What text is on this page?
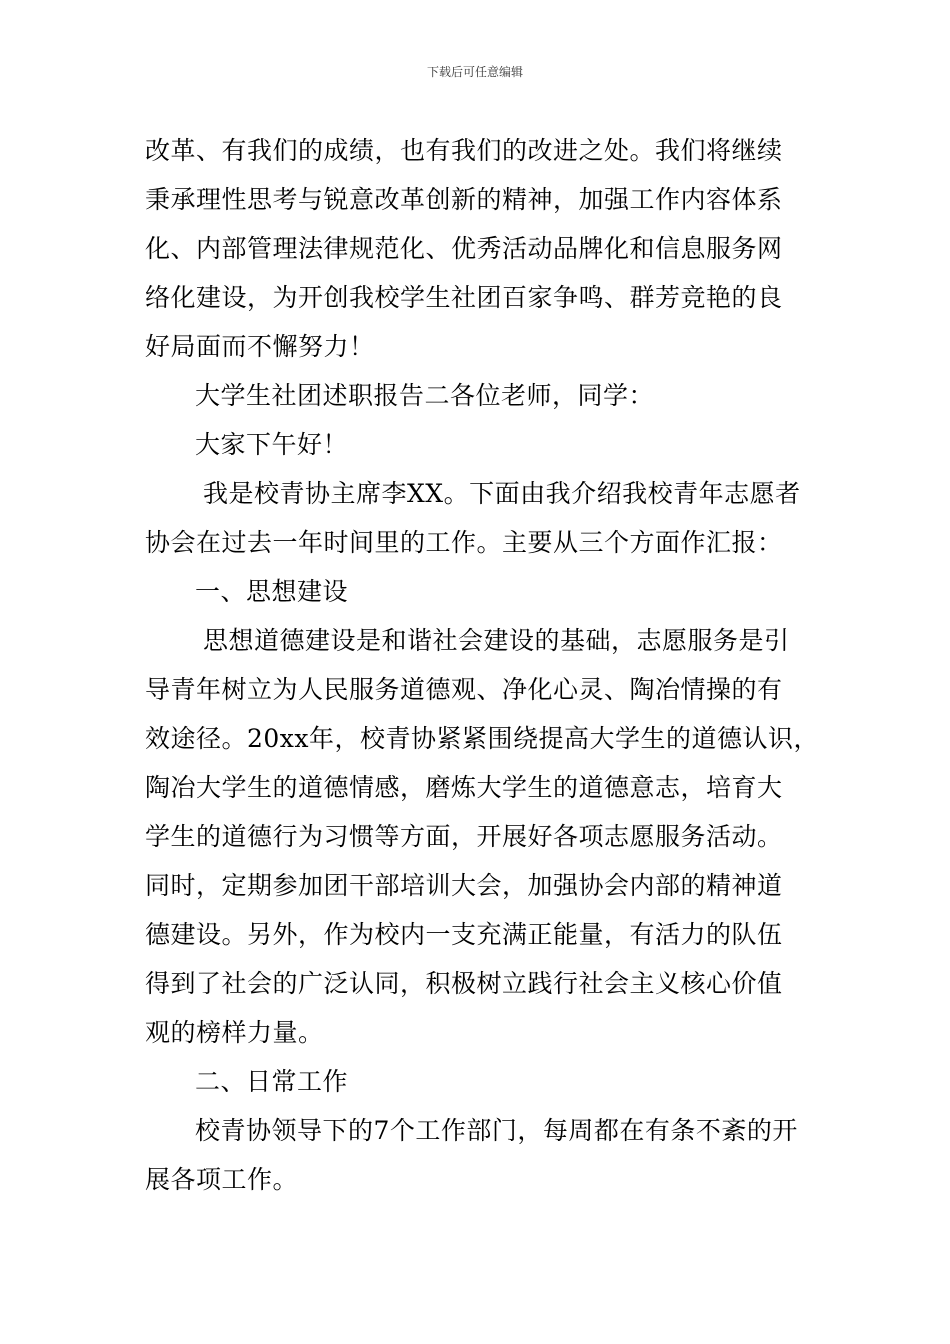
下载后可任意编辑
改革、有我们的成绩，也有我们的改进之处。我们将继续
秉承理性思考与锐意改革创新的精神，加强工作内容体系
化、内部管理法律规范化、优秀活动品牌化和信息服务网
络化建设，为开创我校学生社团百家争鸣、群芳竞艳的良
好局面而不懈努力！
大学生社团述职报告二各位老师，同学：
大家下午好！
我是校青协主席李XX。下面由我介绍我校青年志愿者
协会在过去一年时间里的工作。主要从三个方面作汇报：
一、思想建设
思想道德建设是和谐社会建设的基础，志愿服务是引
导青年树立为人民服务道德观、净化心灵、陶冶情操的有
效途径。20xx年，校青协紧紧围绕提高大学生的道德认识，
陶冶大学生的道德情感，磨炼大学生的道德意志，培育大
学生的道德行为习惯等方面，开展好各项志愿服务活动。
同时，定期参加团干部培训大会，加强协会内部的精神道
德建设。另外，作为校内一支充满正能量，有活力的队伍
得到了社会的广泛认同，积极树立践行社会主义核心价值
观的榜样力量。
二、日常工作
校青协领导下的7个工作部门，每周都在有条不紊的开
展各项工作。
